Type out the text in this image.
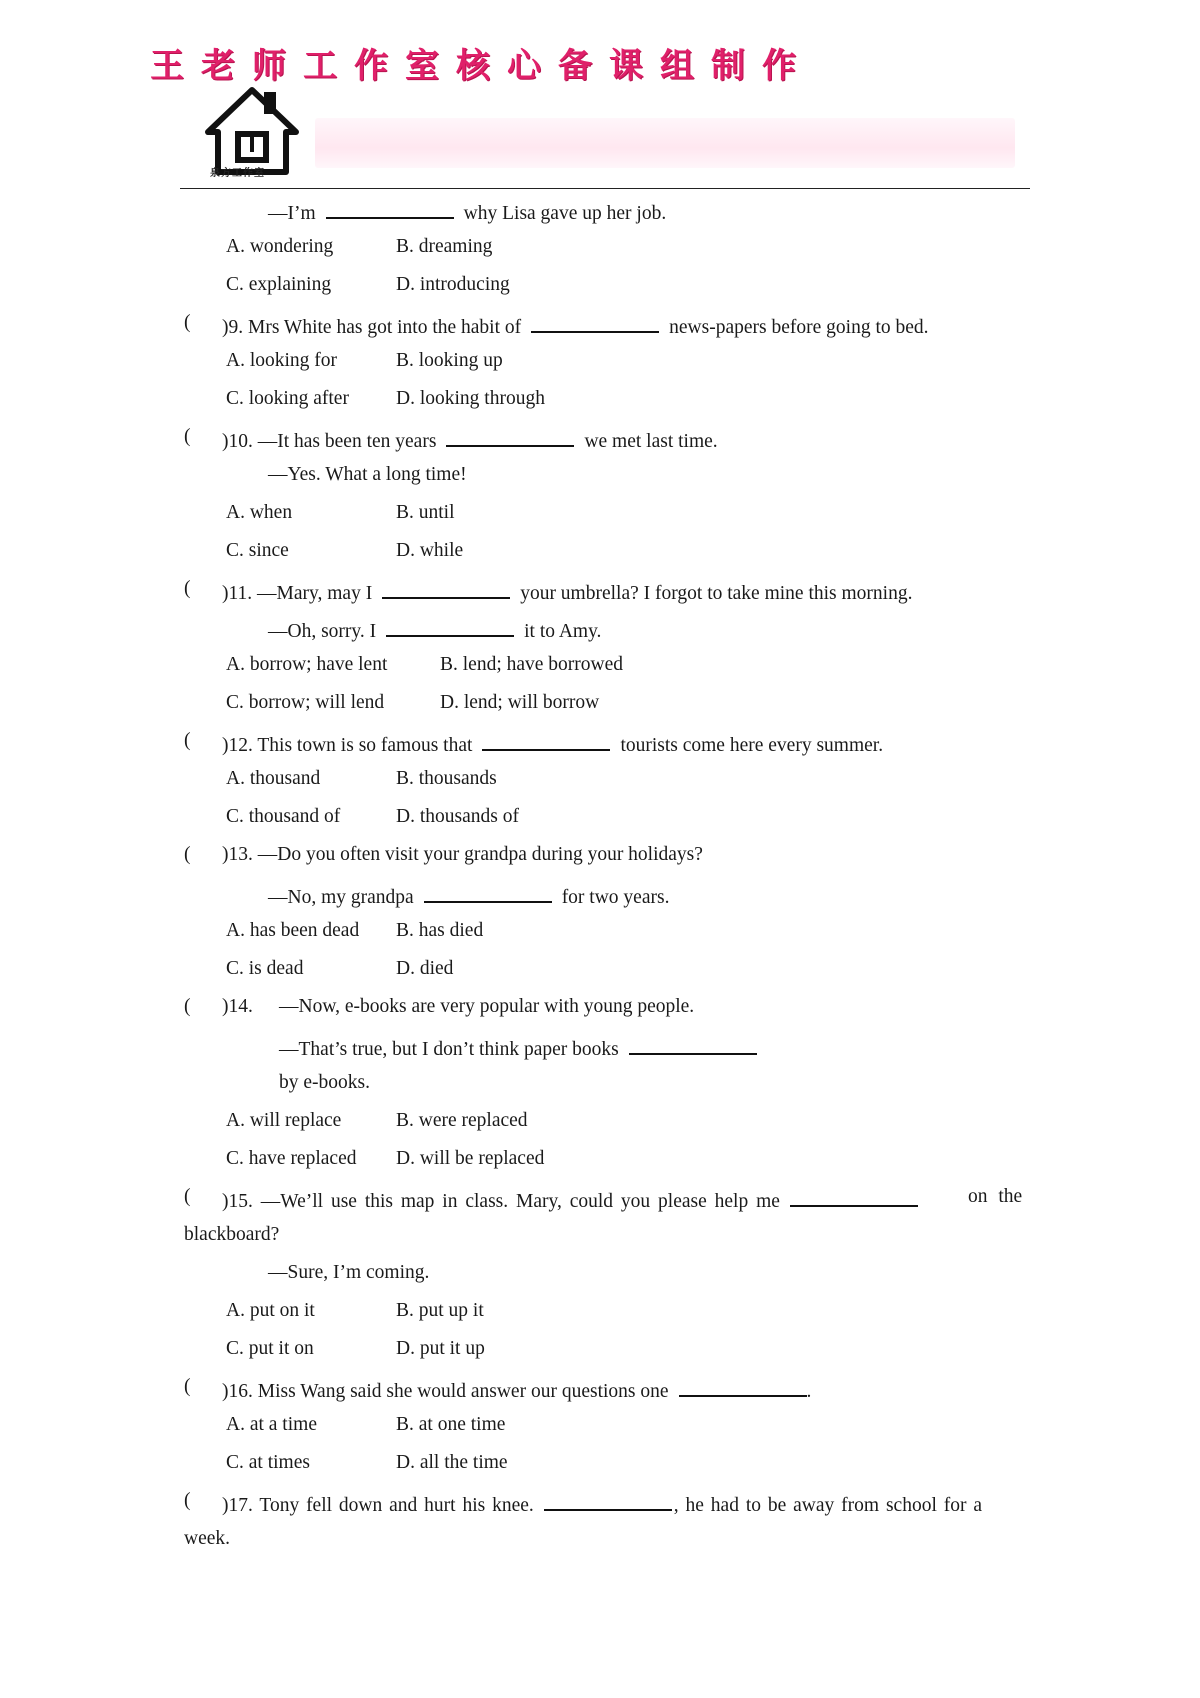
泉方工作室
王老师工作室核心备课组制作
—I’m	why Lisa gave up her job.
A. wondering	B. dreaming
C. explaining	D. introducing
( )9. Mrs White has got into the habit of	news-papers before going to bed.
A. looking for	B. looking up
C. looking after D. looking through
( )10. —It has been ten years	we met last time.
—Yes. What a long time!
A. when	B. until
C. since	D. while
( )11. —Mary, may I	your umbrella? I forgot to take mine this morning.
—Oh, sorry. I	it to Amy.
A. borrow; have lent	B. lend; have borrowed
C. borrow; will lend	D. lend; will borrow
( )12. This town is so famous that	tourists come here every summer.
A. thousand	B. thousands
C. thousand of	D. thousands of
( )13. —Do you often visit your grandpa during your holidays?
—No, my grandpa	for two years.
A. has been dead B. has died
C. is dead	D. died
( )14. —Now, e-books are very popular with young people.
—That’s true, but I don’t think paper books
by e-books.
A. will replace	B. were replaced
C. have replaced D. will be replaced
( )15. —We’ll use this map in class. Mary, could you please help me	on the
blackboard?
—Sure, I’m coming.
A. put on it	B. put up it
C. put it on	D. put it up
( )16. Miss Wang said she would answer our questions one	.
A. at a time	B. at one time
C. at times	D. all the time
( )17. Tony fell down and hurt his knee.	, he had to be away from school for a
week.
